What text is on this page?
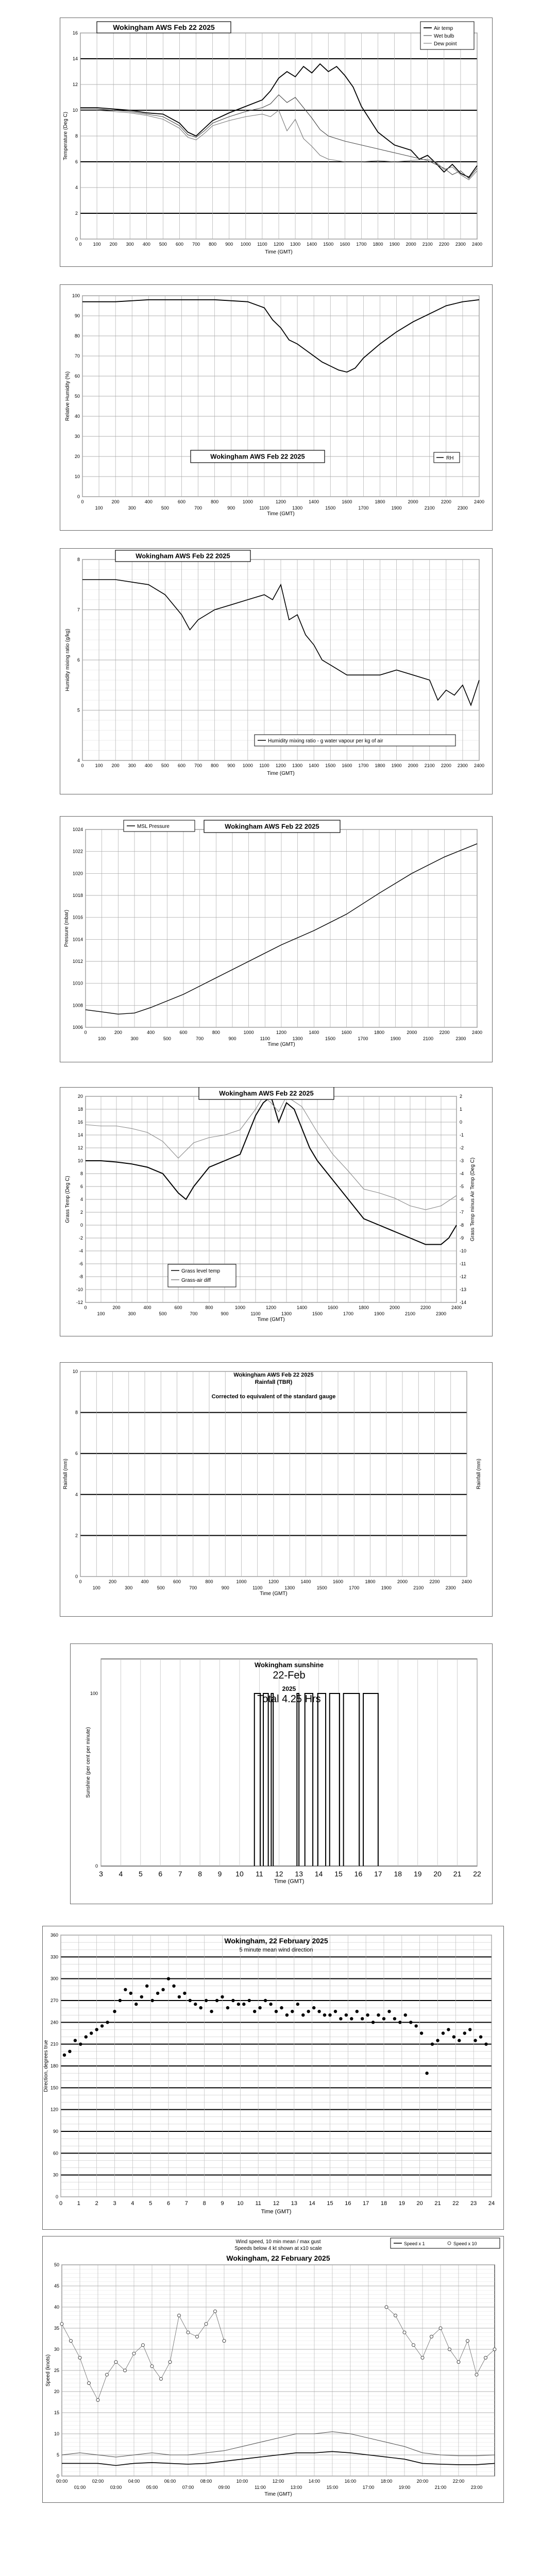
0
2
4
6
8
10
12
14
16
0 100 200 300 400 500 600 700 800 900 1000 1100 1200 1300 1400 1500 1600 1700 1800 1900 2000 2100 2200 2300 2400
Time (GMT)
Temperature (Deg C)
Wokingham AWS Feb 22 2025	Air temp
Wet bulb
Dew point
0
10
20
30
40
50
60
70
80
90
100
0	200	400	600	800	1000	1200	1400	1600	1800	2000	2200	2400
100	300	500	700	900	1100	1300	1500	1700	1900	2100	2300
Time (GMT)
Relative Humidity (%)
Wokingham AWS Feb 22 2025	RH
4
5
6
7
8
0 100 200 300 400 500 600 700 800 900 1000 1100 1200 1300 1400 1500 1600 1700 1800 1900 2000 2100 2200 2300 2400
Time (GMT)
Humidity mixing ratio (g/kg)
Wokingham AWS Feb 22 2025
Humidity mixing ratio - g water vapour per kg of air
1006
1008
1010
1012
1014
1016
1018
1020
1022
1024
0	200	400	600	800	1000	1200	1400	1600	1800	2000	2200	2400
100	300	500	700	900	1100	1300	1500	1700	1900	2100	2300
Time (GMT)
Pressure (mbar)
MSL Pressure	Wokingham AWS Feb 22 2025
-12
-10
-8
-6
-4
-2
0
2
4
6
8
10
12
14
16
18
20
-14
-13
-12
-11
-10
-9
-8
-7
-6
-5
-4
-3
-2
-1
0
1
2
0	200	400	600	800	1000	1200	1400	1600	1800	2000	2200	2400
100	300	500	700	900	1100	1300	1500	1700	1900	2100	2300
Time (GMT)
Grass Temp (Deg C)	Grass Temp minus Air Temp (Deg C)
Wokingham AWS Feb 22 2025
Grass level temp
Grass-air diff
0
2
4
6
8
10
0	200	400	600	800	1000	1200	1400	1600	1800	2000	2200	2400
100	300	500	700	900	1100	1300	1500	1700	1900	2100	2300
Time (GMT)
Rainfall (mm)	Rainfall (mm)
Wokingham AWS Feb 22 2025
Rainfall (TBR)
Corrected to equivalent of the standard gauge
3 4 5 6 7 8 9 10 11 12 13 14 15 16 17 18 19 20 21 22
0
100
Time (GMT)
Sunshine (per cent per minute)
Wokingham sunshine
22-Feb
2025
Total 4.25 Hrs
0
30
60
90
120
150
180
210
240
270
300
330
360
0	1	2	3	4	5	6	7	8	9 10 11 12 13 14 15 16 17 18 19 20 21 22 23 24
Time (GMT)
Direction, degrees true
Wokingham, 22 February 2025
5 minute mean wind direction
0
5
10
15
20
25
30
35
40
45
50
00:00	02:00	04:00	06:00	08:00	10:00	12:00	14:00	16:00	18:00	20:00	22:00
01:00	03:00	05:00	07:00	09:00	11:00	13:00	15:00	17:00	19:00	21:00	23:00
Time (GMT)
Speed (knots)
Wind speed, 10 min mean / max gust
Speeds below 4 kt shown at x10 scale
Wokingham, 22 February 2025
Speed x 1	Speed x 10
